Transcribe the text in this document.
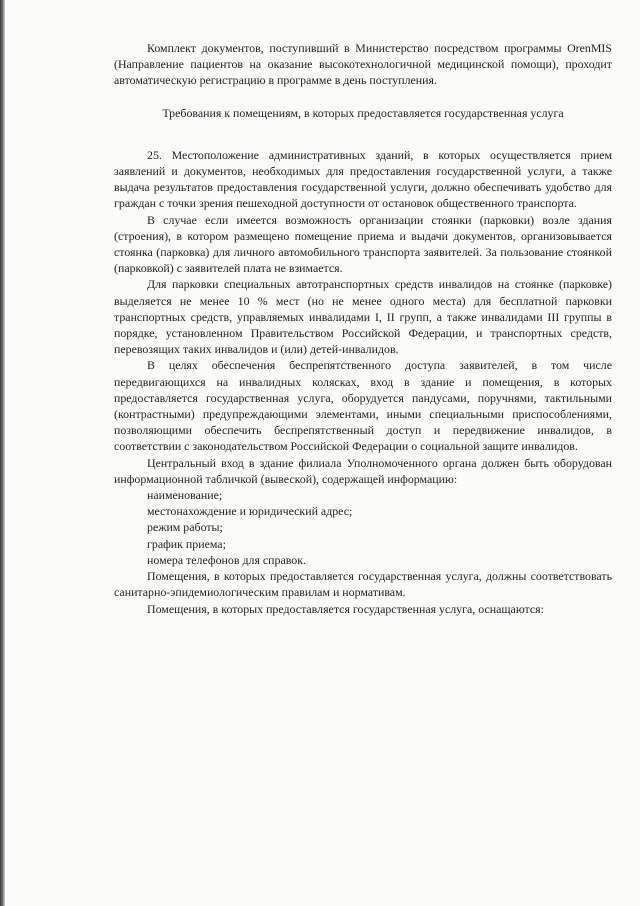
Комплект документов, поступивший в Министерство посредством программы OrenMIS (Направление пациентов на оказание высокотехнологичной медицинской помощи), проходит автоматическую регистрацию в программе в день поступления.

Требования к помещениям, в которых предоставляется государственная услуга

25. Местоположение административных зданий, в которых осуществляется прием заявлений и документов, необходимых для предоставления государственной услуги, а также выдача результатов предоставления государственной услуги, должно обеспечивать удобство для граждан с точки зрения пешеходной доступности от остановок общественного транспорта.

В случае если имеется возможность организации стоянки (парковки) возле здания (строения), в котором размещено помещение приема и выдачи документов, организовывается стоянка (парковка) для личного автомобильного транспорта заявителей. За пользование стоянкой (парковкой) с заявителей плата не взимается.

Для парковки специальных автотранспортных средств инвалидов на стоянке (парковке) выделяется не менее 10 % мест (но не менее одного места) для бесплатной парковки транспортных средств, управляемых инвалидами I, II групп, а также инвалидами III группы в порядке, установленном Правительством Российской Федерации, и транспортных средств, перевозящих таких инвалидов и (или) детей-инвалидов.

В целях обеспечения беспрепятственного доступа заявителей, в том числе передвигающихся на инвалидных колясках, вход в здание и помещения, в которых предоставляется государственная услуга, оборудуется пандусами, поручнями, тактильными (контрастными) предупреждающими элементами, иными специальными приспособлениями, позволяющими обеспечить беспрепятственный доступ и передвижение инвалидов, в соответствии с законодательством Российской Федерации о социальной защите инвалидов.

Центральный вход в здание филиала Уполномоченного органа должен быть оборудован информационной табличкой (вывеской), содержащей информацию:

наименование;

местонахождение и юридический адрес;

режим работы;

график приема;

номера телефонов для справок.

Помещения, в которых предоставляется государственная услуга, должны соответствовать санитарно-эпидемиологическим правилам и нормативам.

Помещения, в которых предоставляется государственная услуга, оснащаются:
